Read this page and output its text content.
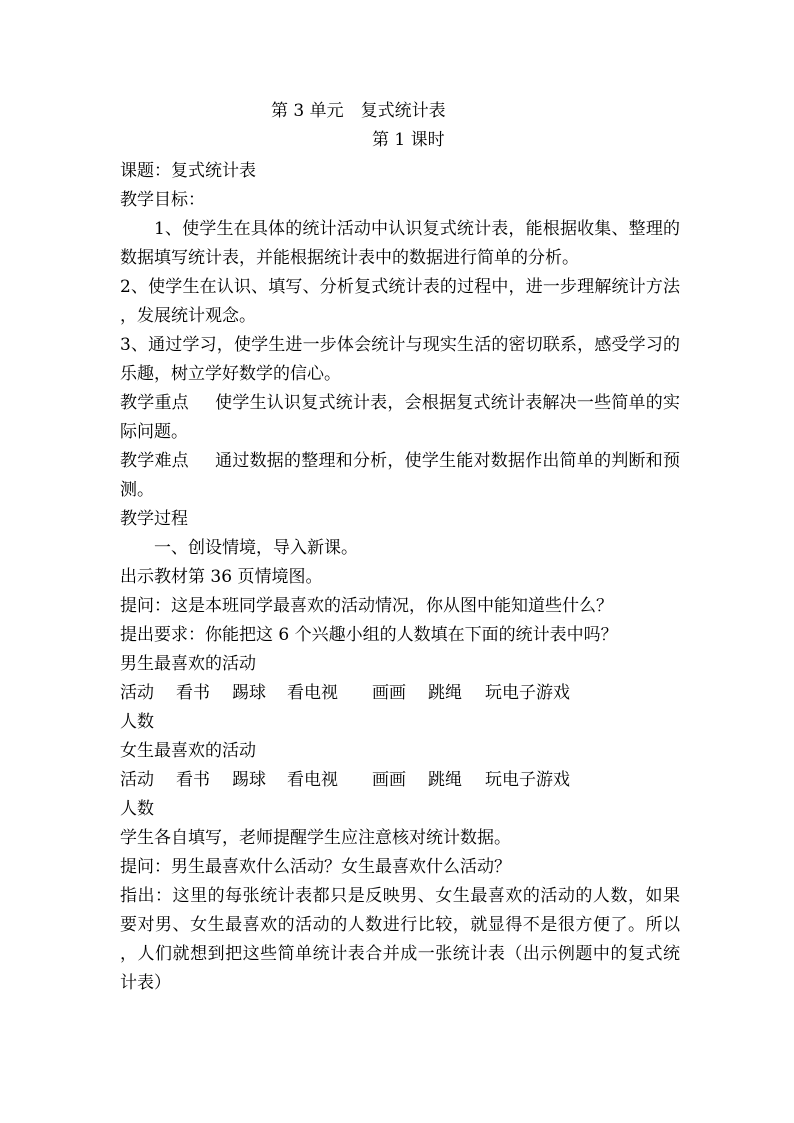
第 3 单元　复式统计表
第 1 课时
课题：复式统计表
教学目标：
1、使学生在具体的统计活动中认识复式统计表，能根据收集、整理的数据填写统计表，并能根据统计表中的数据进行简单的分析。
2、使学生在认识、填写、分析复式统计表的过程中，进一步理解统计方法，发展统计观念。
3、通过学习，使学生进一步体会统计与现实生活的密切联系，感受学习的乐趣，树立学好数学的信心。
教学重点 使学生认识复式统计表，会根据复式统计表解决一些简单的实际问题。
教学难点 通过数据的整理和分析，使学生能对数据作出简单的判断和预测。
教学过程
一、创设情境，导入新课。
出示教材第 36 页情境图。
提问：这是本班同学最喜欢的活动情况，你从图中能知道些什么？
提出要求：你能把这 6 个兴趣小组的人数填在下面的统计表中吗？
男生最喜欢的活动
活动 看书 踢球 看电视 画画 跳绳 玩电子游戏
人数
女生最喜欢的活动
活动 看书 踢球 看电视 画画 跳绳 玩电子游戏
人数
学生各自填写，老师提醒学生应注意核对统计数据。
提问：男生最喜欢什么活动？女生最喜欢什么活动？
指出：这里的每张统计表都只是反映男、女生最喜欢的活动的人数，如果要对男、女生最喜欢的活动的人数进行比较，就显得不是很方便了。所以，人们就想到把这些简单统计表合并成一张统计表（出示例题中的复式统计表）
